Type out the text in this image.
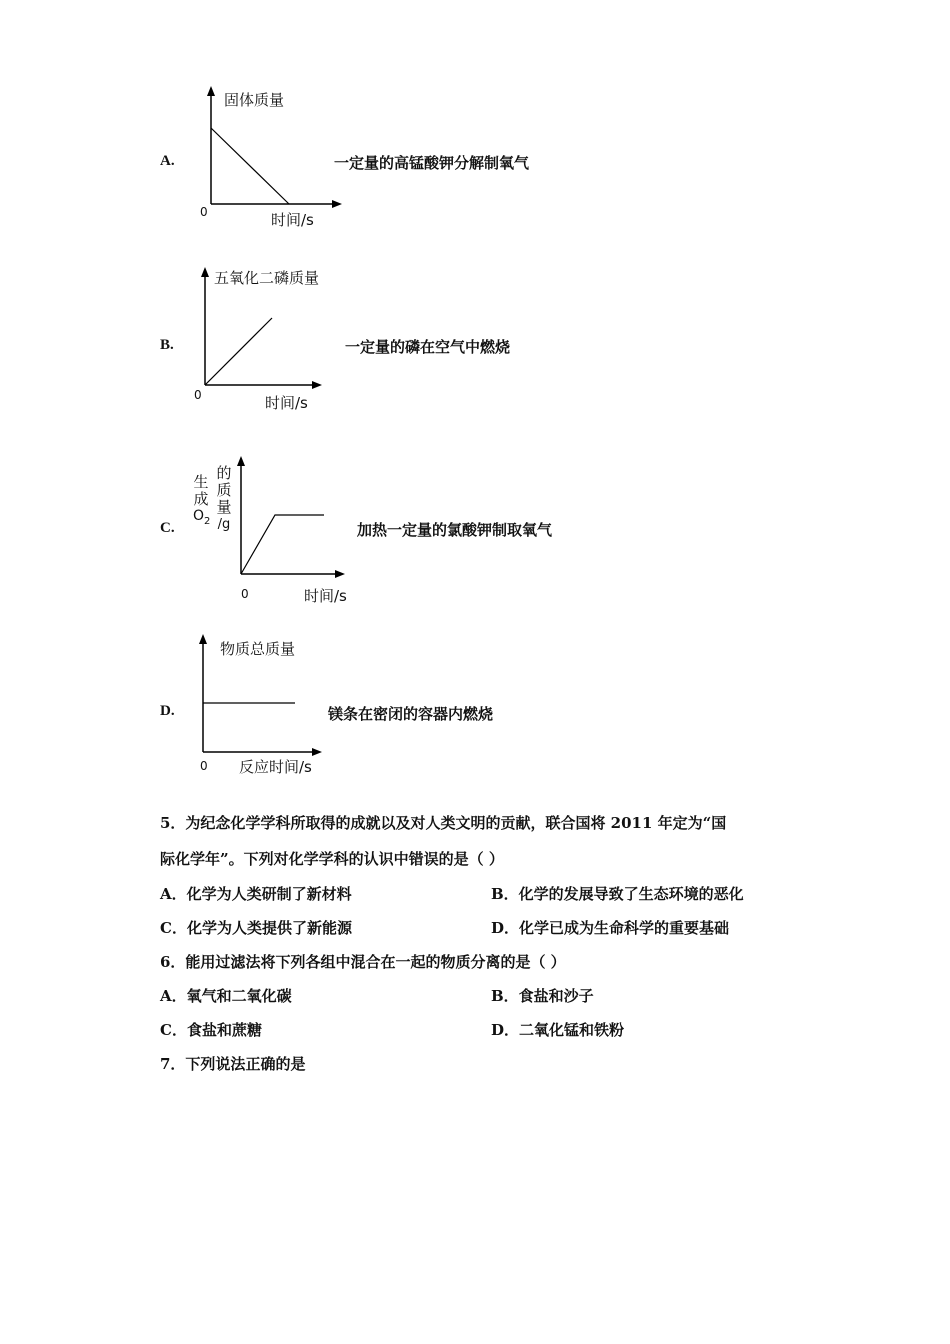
A.
固体质量
时间/s
0
一定量的高锰酸钾分解制氧气
B.
五氧化二磷质量
时间/s
0
一定量的磷在空气中燃烧
C.
生
成
$O_2$
的
质
量
/g
时间/s
0
加热一定量的氯酸钾制取氧气
D.
物质总质量
反应时间/s
0
镁条在密闭的容器内燃烧
5．为纪念化学学科所取得的成就以及对人类文明的贡献，联合国将 2011 年定为“国
际化学年”。下列对化学学科的认识中错误的是（ ）
A．化学为人类研制了新材料	B．化学的发展导致了生态环境的恶化
C．化学为人类提供了新能源	D．化学已成为生命科学的重要基础
6．能用过滤法将下列各组中混合在一起的物质分离的是（ ）
A．氧气和二氧化碳	B．食盐和沙子
C．食盐和蔗糖	D．二氧化锰和铁粉
7．下列说法正确的是
